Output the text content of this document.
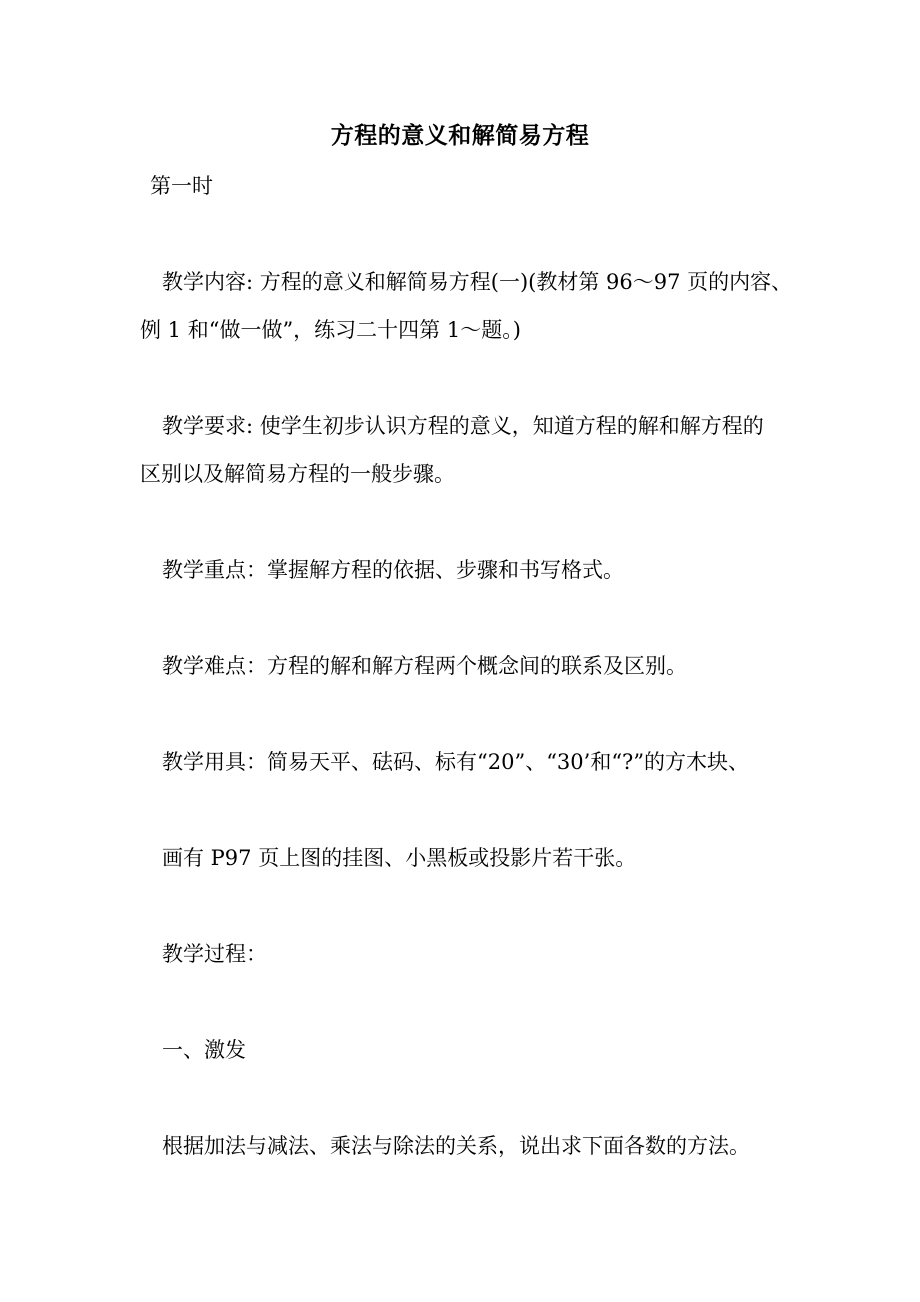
方程的意义和解简易方程

第一时

教学内容: 方程的意义和解简易方程(一)(教材第 96～97 页的内容、

例 1 和“做一做”，练习二十四第 1～题。)

教学要求: 使学生初步认识方程的意义，知道方程的解和解方程的

区别以及解简易方程的一般步骤。

教学重点：掌握解方程的依据、步骤和书写格式。

教学难点：方程的解和解方程两个概念间的联系及区别。

教学用具：简易天平、砝码、标有“20”、“30’和“?”的方木块、

画有 P97 页上图的挂图、小黑板或投影片若干张。

教学过程：

一、激发

根据加法与减法、乘法与除法的关系，说出求下面各数的方法。
